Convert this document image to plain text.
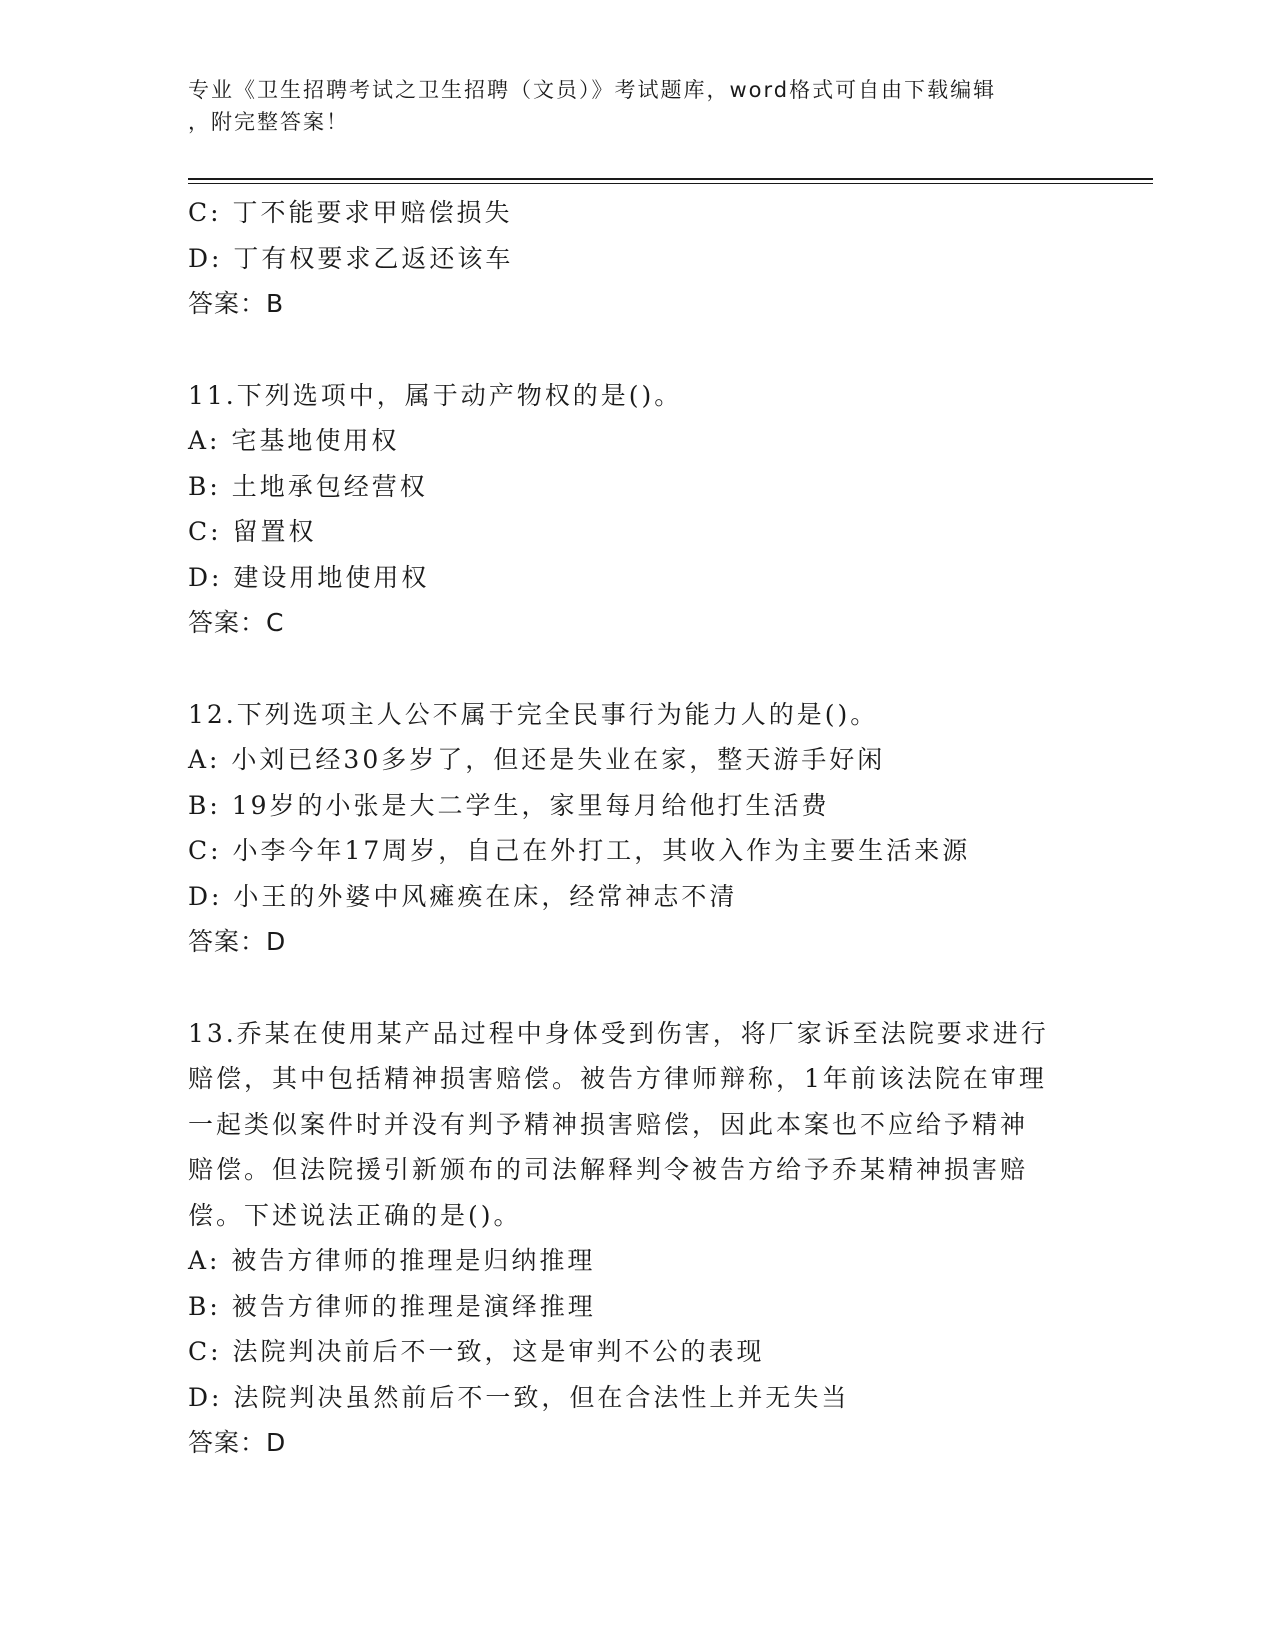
专业《卫生招聘考试之卫生招聘（文员）》考试题库，word格式可自由下载编辑
，附完整答案！
C: 丁不能要求甲赔偿损失
D: 丁有权要求乙返还该车
答案：B
11.下列选项中，属于动产物权的是()。
A: 宅基地使用权
B: 土地承包经营权
C: 留置权
D: 建设用地使用权
答案：C
12.下列选项主人公不属于完全民事行为能力人的是()。
A: 小刘已经30多岁了，但还是失业在家，整天游手好闲
B: 19岁的小张是大二学生，家里每月给他打生活费
C: 小李今年17周岁，自己在外打工，其收入作为主要生活来源
D: 小王的外婆中风瘫痪在床，经常神志不清
答案：D
13.乔某在使用某产品过程中身体受到伤害，将厂家诉至法院要求进行
赔偿，其中包括精神损害赔偿。被告方律师辩称，1年前该法院在审理
一起类似案件时并没有判予精神损害赔偿，因此本案也不应给予精神
赔偿。但法院援引新颁布的司法解释判令被告方给予乔某精神损害赔
偿。下述说法正确的是()。
A: 被告方律师的推理是归纳推理
B: 被告方律师的推理是演绎推理
C: 法院判决前后不一致，这是审判不公的表现
D: 法院判决虽然前后不一致，但在合法性上并无失当
答案：D
